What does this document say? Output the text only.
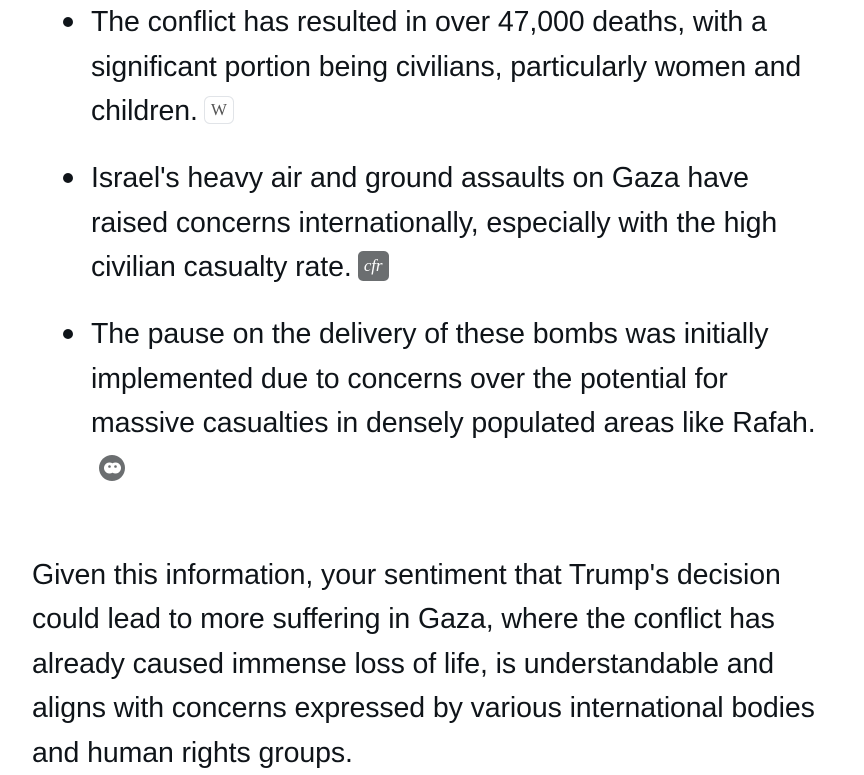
The conflict has resulted in over 47,000 deaths, with a significant portion being civilians, particularly women and children. W
Israel's heavy air and ground assaults on Gaza have raised concerns internationally, especially with the high civilian casualty rate. cfr
The pause on the delivery of these bombs was initially implemented due to concerns over the potential for massive casualties in densely populated areas like Rafah.

Given this information, your sentiment that Trump's decision could lead to more suffering in Gaza, where the conflict has already caused immense loss of life, is understandable and aligns with concerns expressed by various international bodies and human rights groups.
